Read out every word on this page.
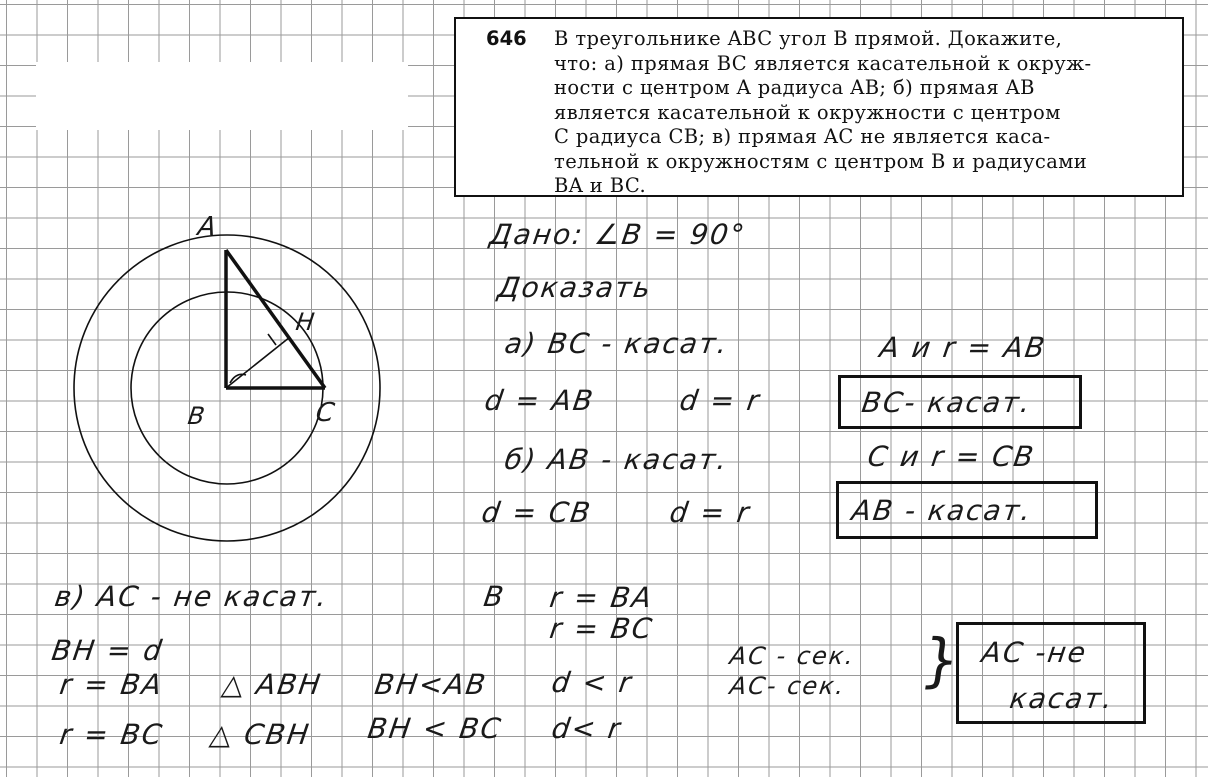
646 В треугольнике ABC угол B прямой. Докажите,
что: а) прямая BC является касательной к окруж-
ности с центром A радиуса AB; б) прямая AB
является касательной к окружности с центром
C радиуса CB; в) прямая AC не является каса-
тельной к окружностям с центром B и радиусами
BA и BC.
A
B	C
H
Дано: ∠B = 90°
Доказать
а) BC - касат.	A и r = AB
d = AB	d = r	BC- касат.
б) AB - касат.	C и r = CB
d = CB	d = r	AB - касат.
в) AC - не касат.	B r = BA
r = BC
BH = d
r = BA △ ABH BH<AB d < r
r = BC △ CBH BH < BC d< r
AC - сек.
AC- сек. } AC -не
касат.
